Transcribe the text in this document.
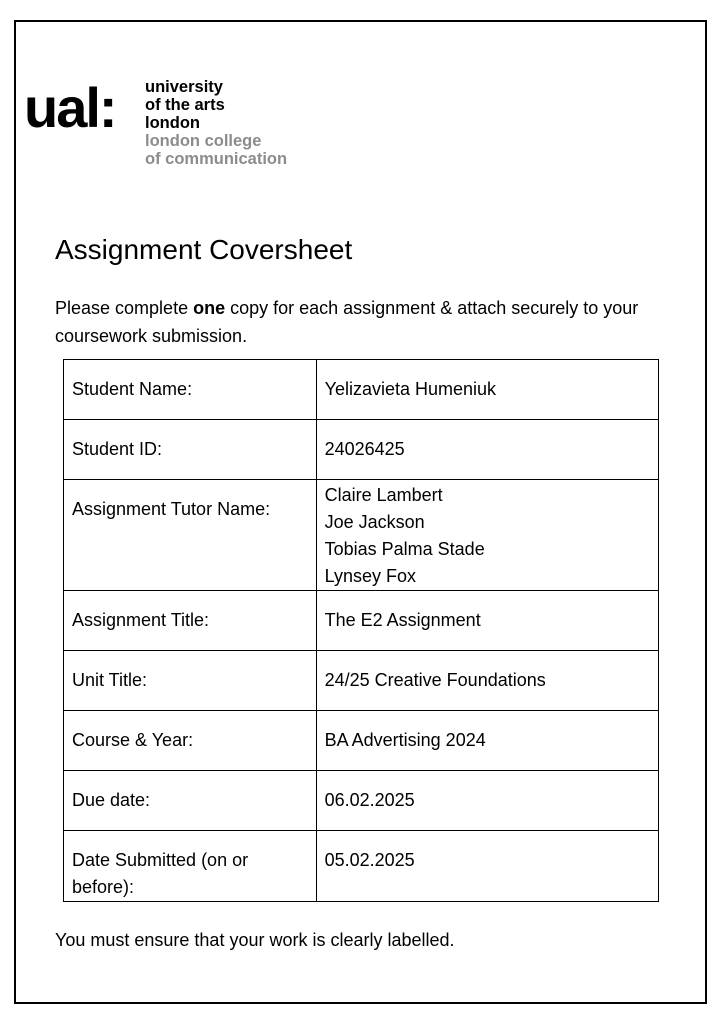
ual: university
of the arts
london
london college
of communication
Assignment Coversheet

Please complete one copy for each assignment & attach securely to your coursework submission.

Student Name:	Yelizavieta Humeniuk
Student ID:	24026425
Assignment Tutor Name:	Claire Lambert
Joe Jackson
Tobias Palma Stade
Lynsey Fox

Assignment Title:	The E2 Assignment
Unit Title:	24/25 Creative Foundations
Course & Year:	BA Advertising 2024
Due date:	06.02.2025
Date Submitted (on or before):	05.02.2025

You must ensure that your work is clearly labelled.
